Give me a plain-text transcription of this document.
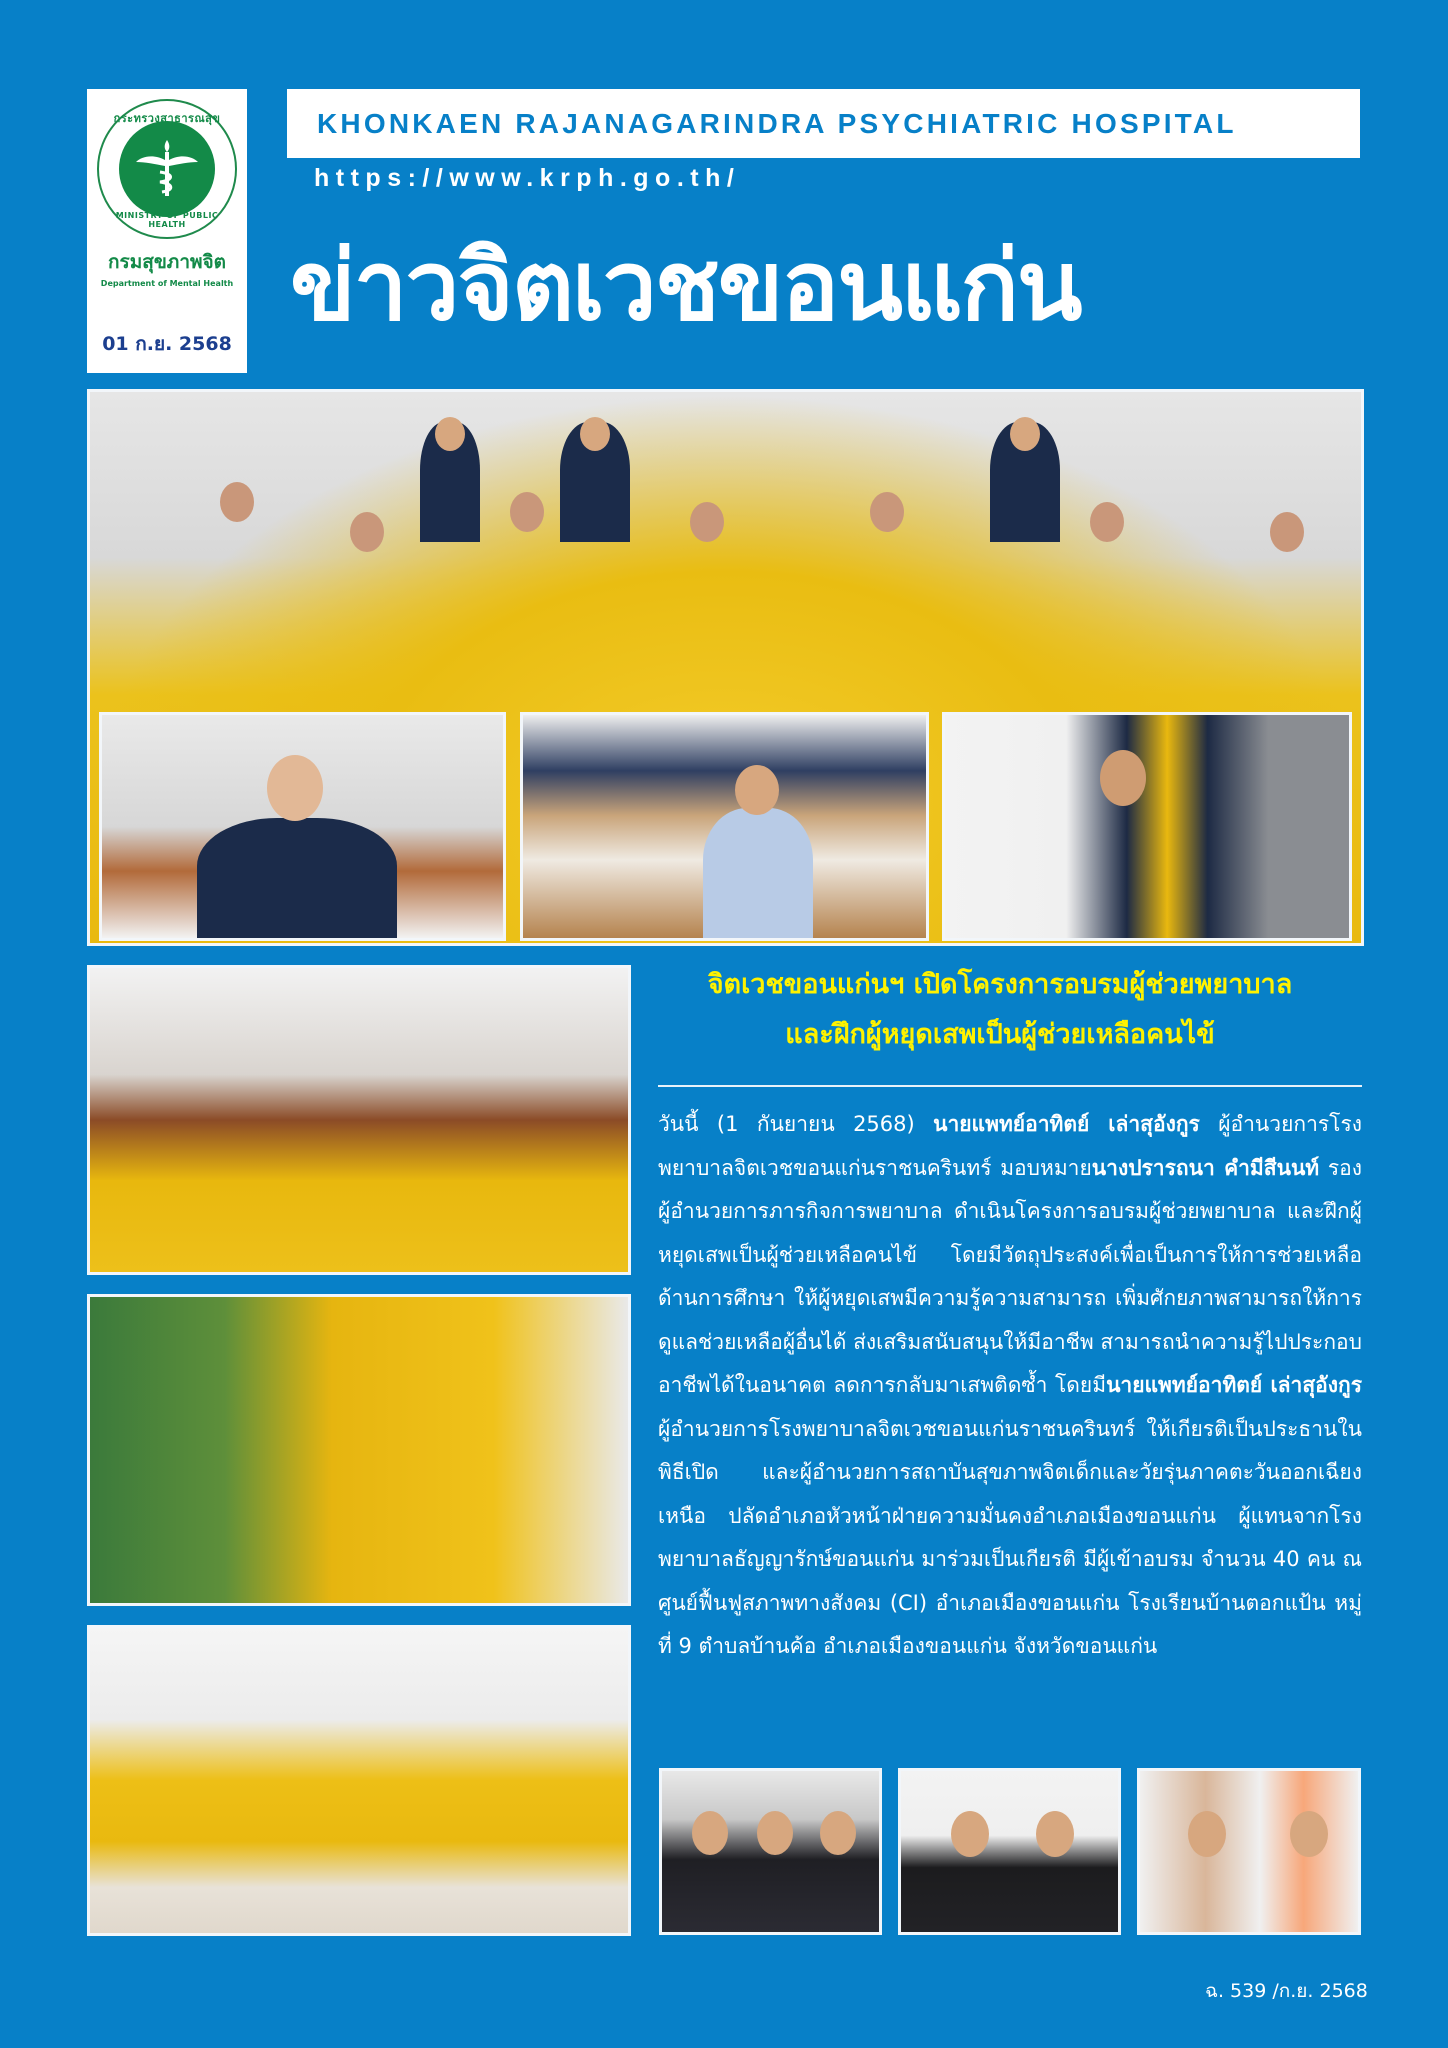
กระทรวงสาธารณสุข
MINISTRY OF PUBLIC HEALTH
กรมสุขภาพจิต
Department of Mental Health
01 ก.ย. 2568
KHONKAEN RAJANAGARINDRA PSYCHIATRIC HOSPITAL
https://www.krph.go.th/
ข่าวจิตเวชขอนแก่น
จิตเวชขอนแก่นฯ เปิดโครงการอบรมผู้ช่วยพยาบาล
และฝึกผู้หยุดเสพเป็นผู้ช่วยเหลือคนไข้
วันนี้ (1 กันยายน 2568) นายแพทย์อาทิตย์ เล่าสุอังกูร ผู้อำนวยการโรงพยาบาลจิตเวชขอนแก่นราชนครินทร์ มอบหมายนางปรารถนา คำมีสีนนท์ รองผู้อำนวยการภารกิจการพยาบาล ดำเนินโครงการอบรมผู้ช่วยพยาบาล และฝึกผู้หยุดเสพเป็นผู้ช่วยเหลือคนไข้ โดยมีวัตถุประสงค์เพื่อเป็นการให้การช่วยเหลือด้านการศึกษา ให้ผู้หยุดเสพมีความรู้ความสามารถ เพิ่มศักยภาพสามารถให้การดูแลช่วยเหลือผู้อื่นได้ ส่งเสริมสนับสนุนให้มีอาชีพ สามารถนำความรู้ไปประกอบอาชีพได้ในอนาคต ลดการกลับมาเสพติดซ้ำ โดยมีนายแพทย์อาทิตย์ เล่าสุอังกูร ผู้อำนวยการโรงพยาบาลจิตเวชขอนแก่นราชนครินทร์ ให้เกียรติเป็นประธานในพิธีเปิด และผู้อำนวยการสถาบันสุขภาพจิตเด็กและวัยรุ่นภาคตะวันออกเฉียงเหนือ ปลัดอำเภอหัวหน้าฝ่ายความมั่นคงอำเภอเมืองขอนแก่น ผู้แทนจากโรงพยาบาลธัญญารักษ์ขอนแก่น มาร่วมเป็นเกียรติ มีผู้เข้าอบรม จำนวน 40 คน ณ ศูนย์ฟื้นฟูสภาพทางสังคม (CI) อำเภอเมืองขอนแก่น โรงเรียนบ้านตอกแป้น หมู่ที่ 9 ตำบลบ้านค้อ อำเภอเมืองขอนแก่น จังหวัดขอนแก่น
ฉ. 539 /ก.ย. 2568
